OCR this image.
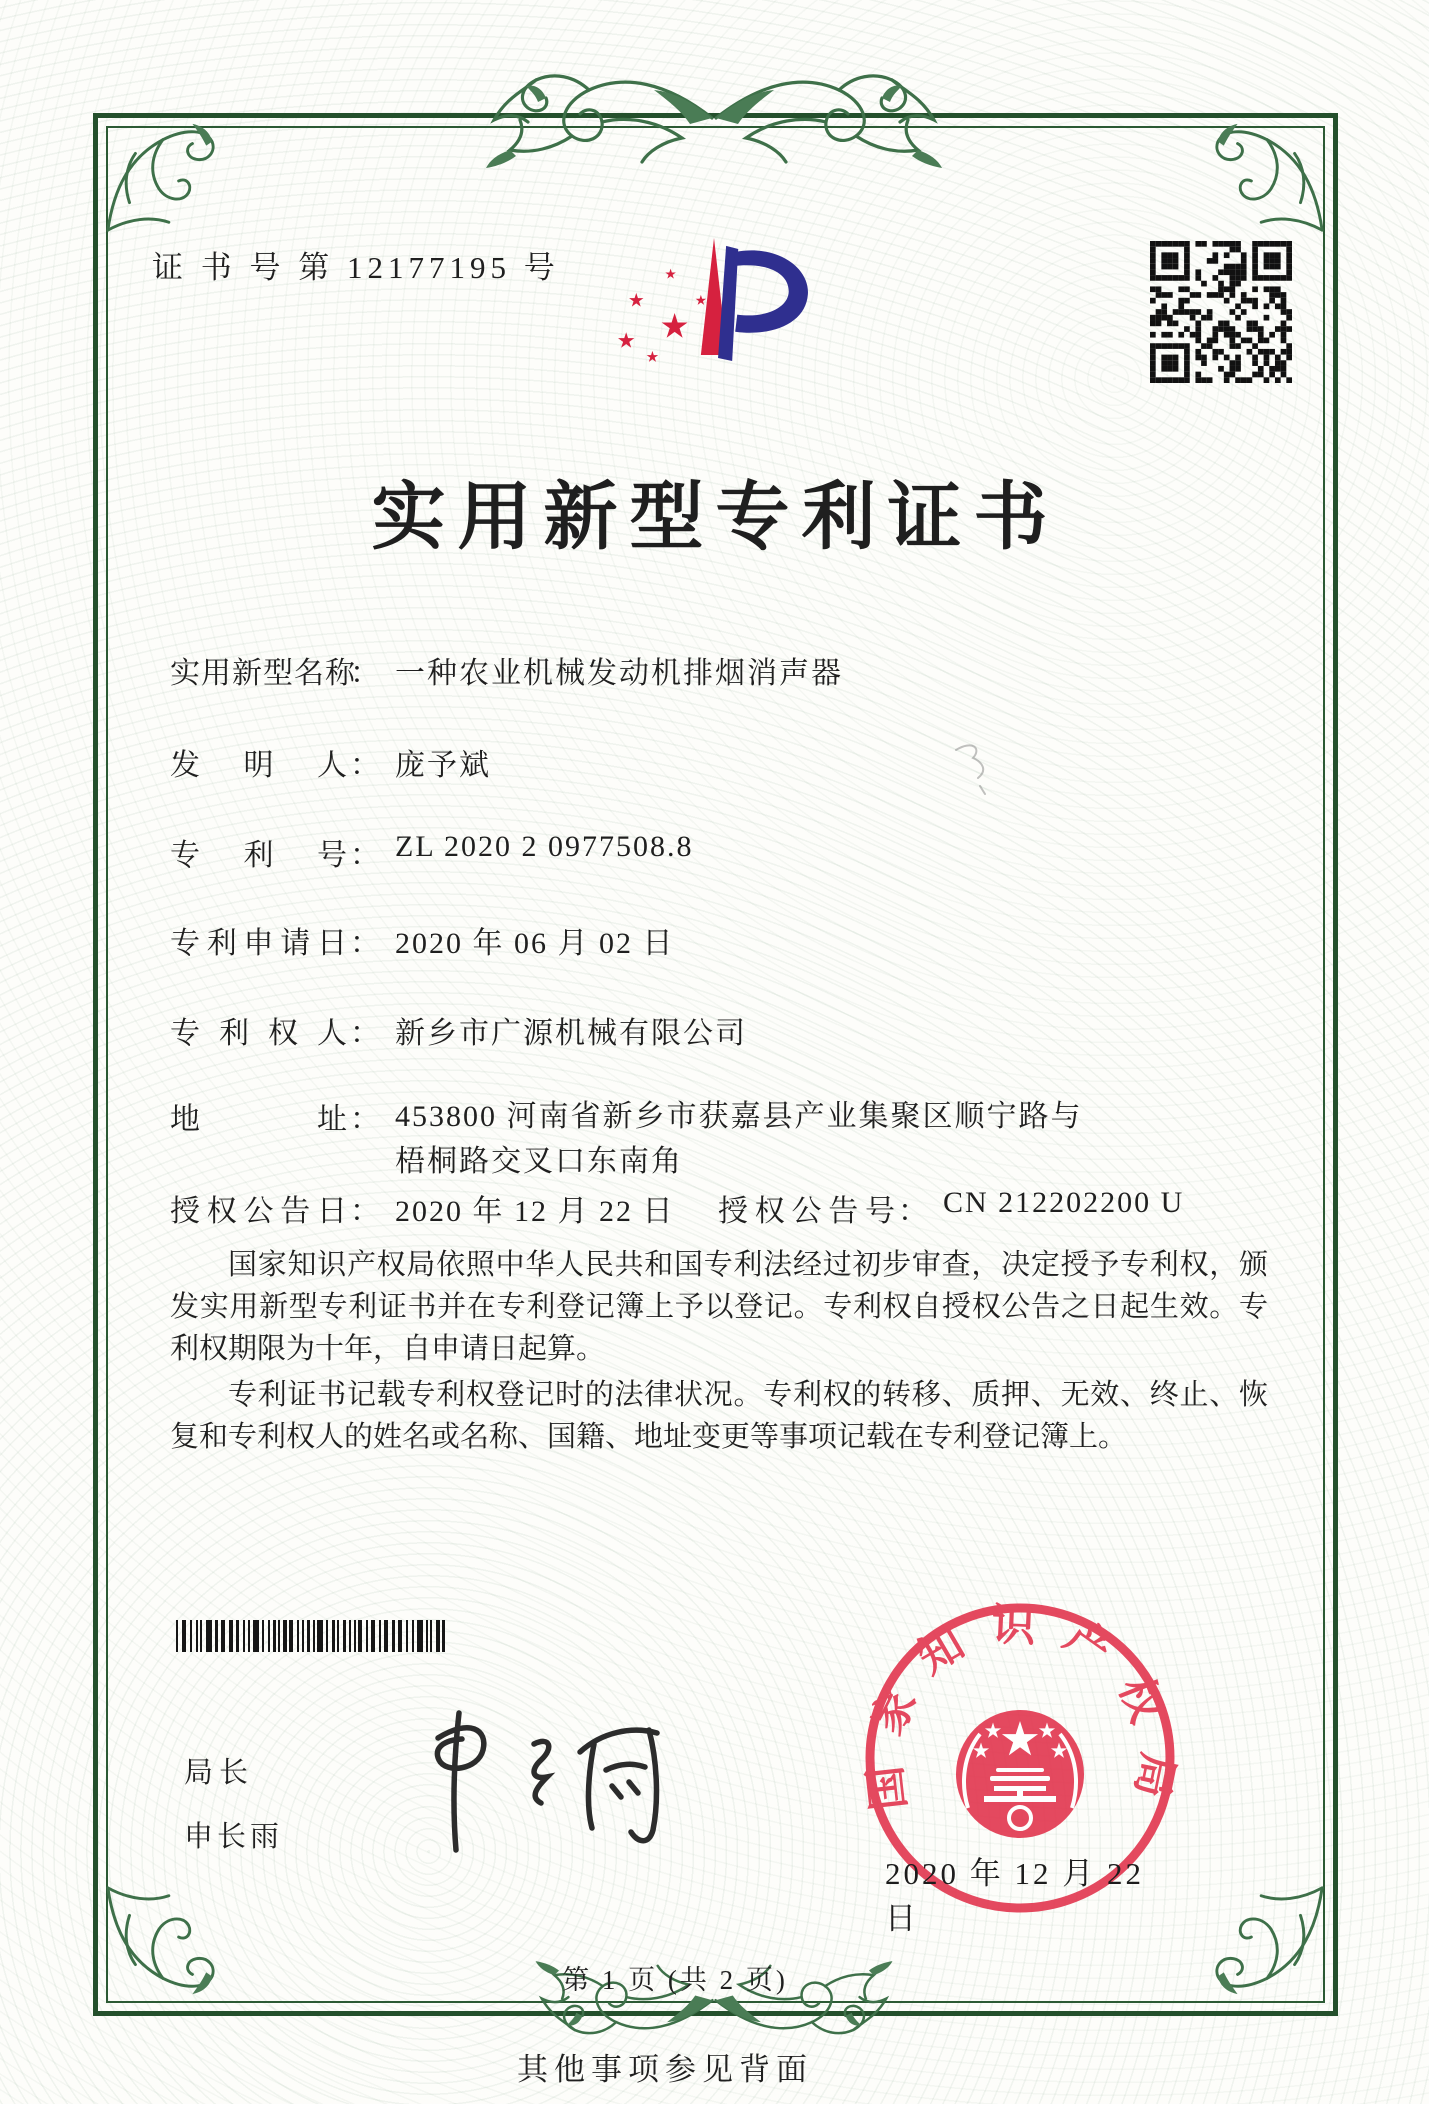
证 书 号 第 12177195 号
实用新型专利证书
实用新型名称： 一种农业机械发动机排烟消声器
发明人： 庞予斌
专利号： ZL 2020 2 0977508.8
专利申请日： 2020 年 06 月 02 日
专利权人： 新乡市广源机械有限公司
地址： 453800 河南省新乡市获嘉县产业集聚区顺宁路与梧桐路交叉口东南角
授权公告日： 2020 年 12 月 22 日 授权公告号： CN 212202200 U

国家知识产权局依照中华人民共和国专利法经过初步审查，决定授予专利权，颁发实用新型专利证书并在专利登记簿上予以登记。专利权自授权公告之日起生效。专利权期限为十年，自申请日起算。

专利证书记载专利权登记时的法律状况。专利权的转移、质押、无效、终止、恢复和专利权人的姓名或名称、国籍、地址变更等事项记载在专利登记簿上。

局长
申长雨
国家知识产权局
2020 年 12 月 22 日
第 1 页 (共 2 页)
其他事项参见背面
